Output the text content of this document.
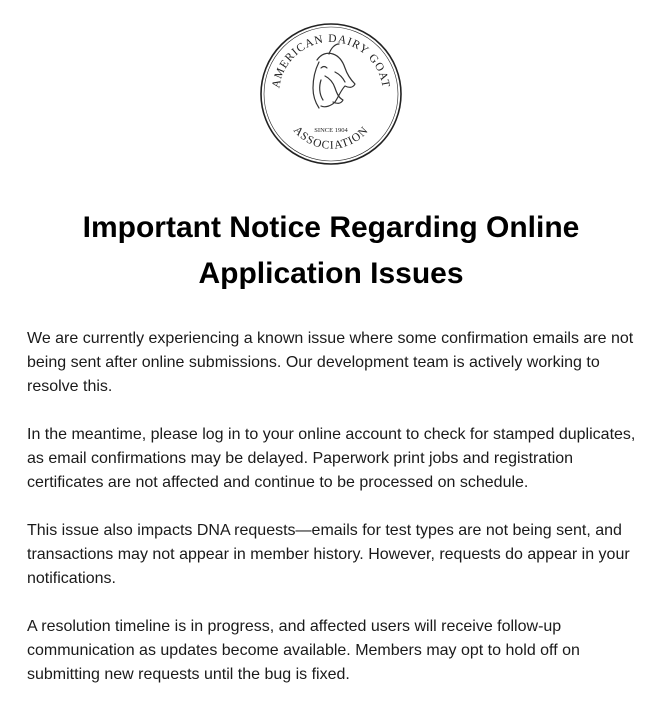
AMERICAN DAIRY GOAT
ASSOCIATION
SINCE 1904
Important Notice Regarding Online Application Issues

We are currently experiencing a known issue where some confirmation emails are not being sent after online submissions. Our development team is actively working to resolve this.

In the meantime, please log in to your online account to check for stamped duplicates, as email confirmations may be delayed. Paperwork print jobs and registration certificates are not affected and continue to be processed on schedule.

This issue also impacts DNA requests—emails for test types are not being sent, and transactions may not appear in member history. However, requests do appear in your notifications.

A resolution timeline is in progress, and affected users will receive follow-up communication as updates become available. Members may opt to hold off on submitting new requests until the bug is fixed.
